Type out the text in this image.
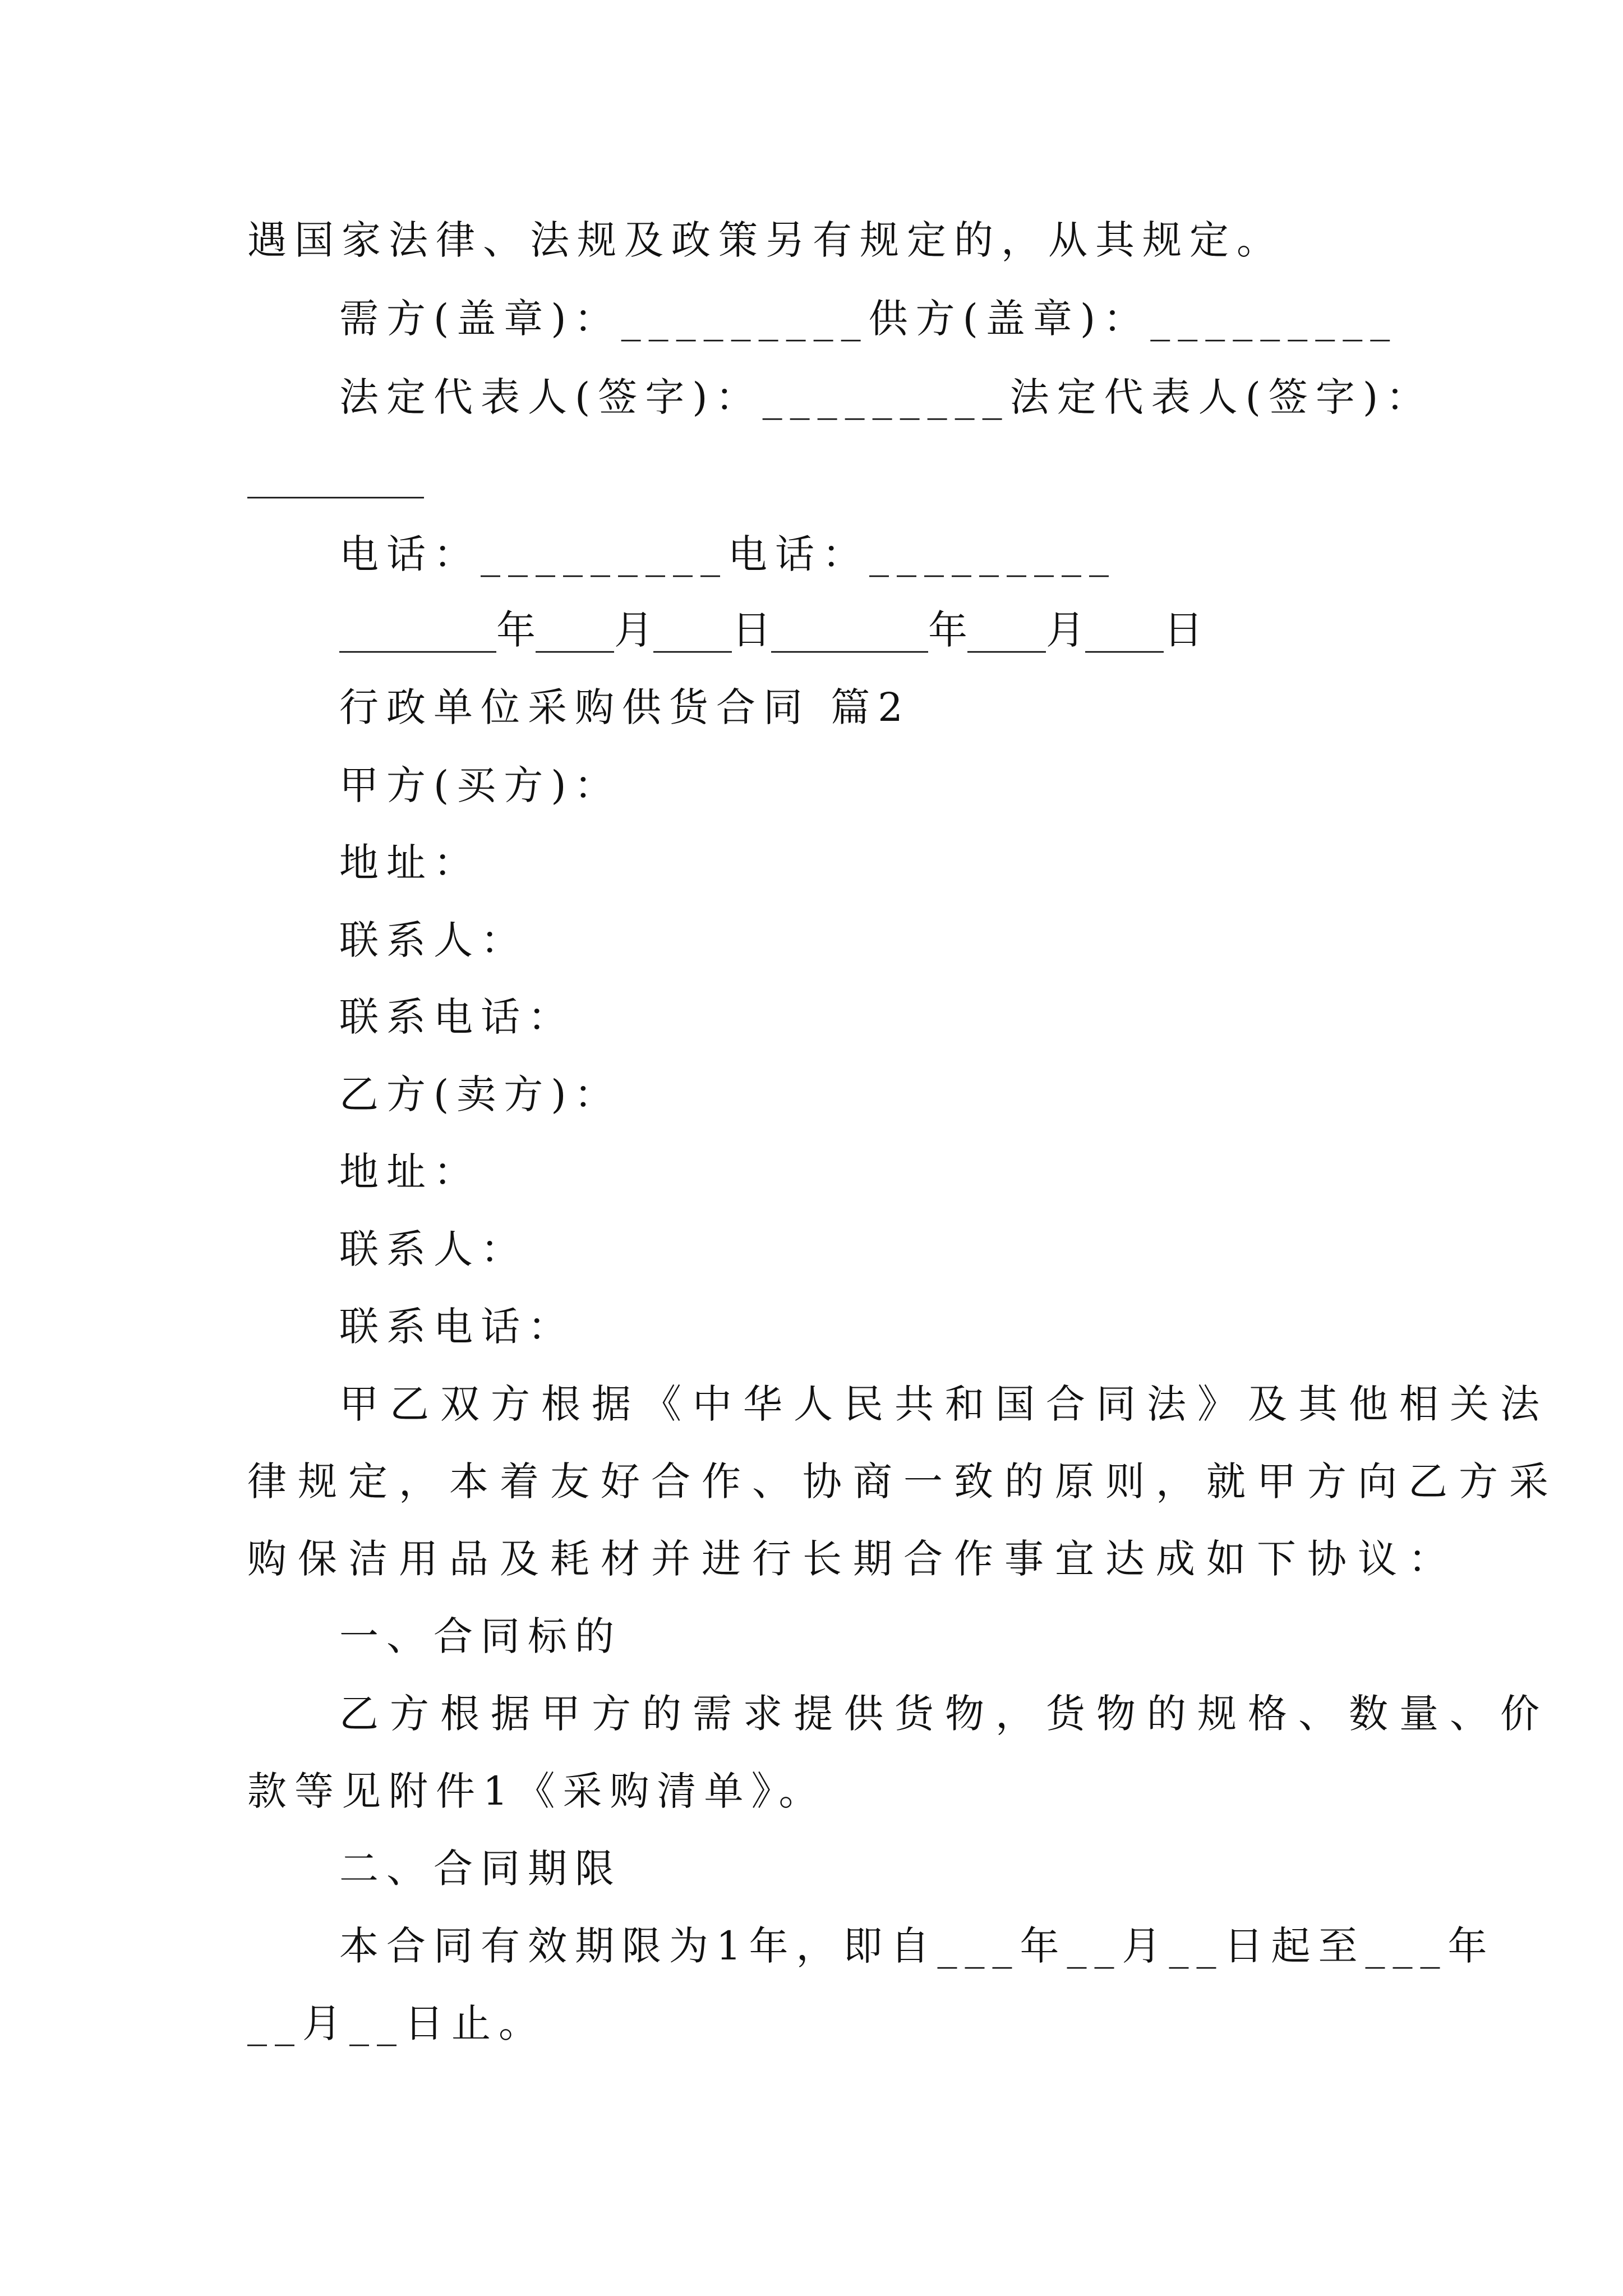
遇国家法律、法规及政策另有规定的，从其规定。
需方(盖章)：_________供方(盖章)：_________
法定代表人(签字)：_________法定代表人(签字)：
_________
电话：_________电话：_________
________年____月____日________年____月____日
行政单位采购供货合同 篇2
甲方(买方)：
地址：
联系人：
联系电话：
乙方(卖方)：
地址：
联系人：
联系电话：
甲乙双方根据《中华人民共和国合同法》及其他相关法
律规定，本着友好合作、协商一致的原则，就甲方向乙方采
购保洁用品及耗材并进行长期合作事宜达成如下协议：
一、合同标的
乙方根据甲方的需求提供货物，货物的规格、数量、价
款等见附件1《采购清单》。
二、合同期限
本合同有效期限为1年，即自___年__月__日起至___年
__月__日止。
